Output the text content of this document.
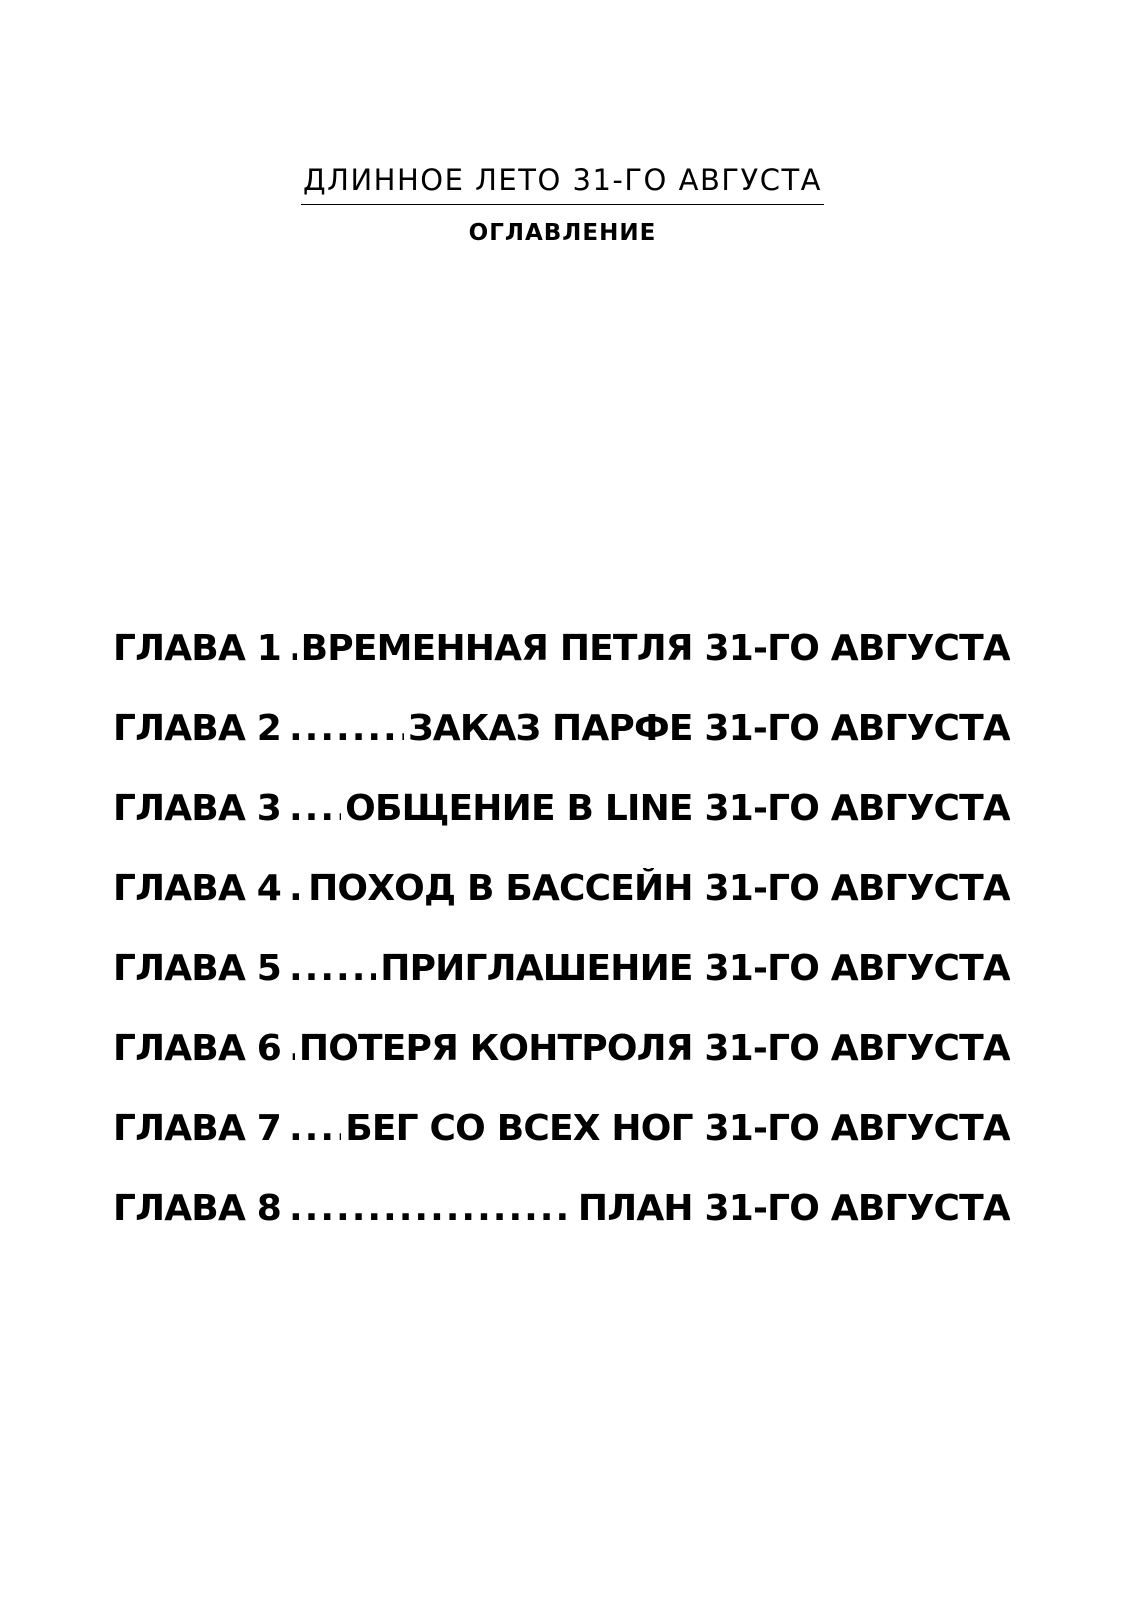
ДЛИННОЕ ЛЕТО 31-ГО АВГУСТА
ОГЛАВЛЕНИЕ
ГЛАВА 1 ..... ВРЕМЕННАЯ ПЕТЛЯ 31-ГО АВГУСТА
ГЛАВА 2 .....	ЗАКАЗ ПАРФЕ 31-ГО АВГУСТА
ГЛАВА 3 ..... ОБЩЕНИЕ В LINE 31-ГО АВГУСТА
ГЛАВА 4 ..... ПОХОД В БАССЕЙН 31-ГО АВГУСТА
ГЛАВА 5 .....	ПРИГЛАШЕНИЕ 31-ГО АВГУСТА
ГЛАВА 6 ..... ПОТЕРЯ КОНТРОЛЯ 31-ГО АВГУСТА
ГЛАВА 7 ..... БЕГ СО ВСЕХ НОГ 31-ГО АВГУСТА
ГЛАВА 8 .....	ПЛАН 31-ГО АВГУСТА
